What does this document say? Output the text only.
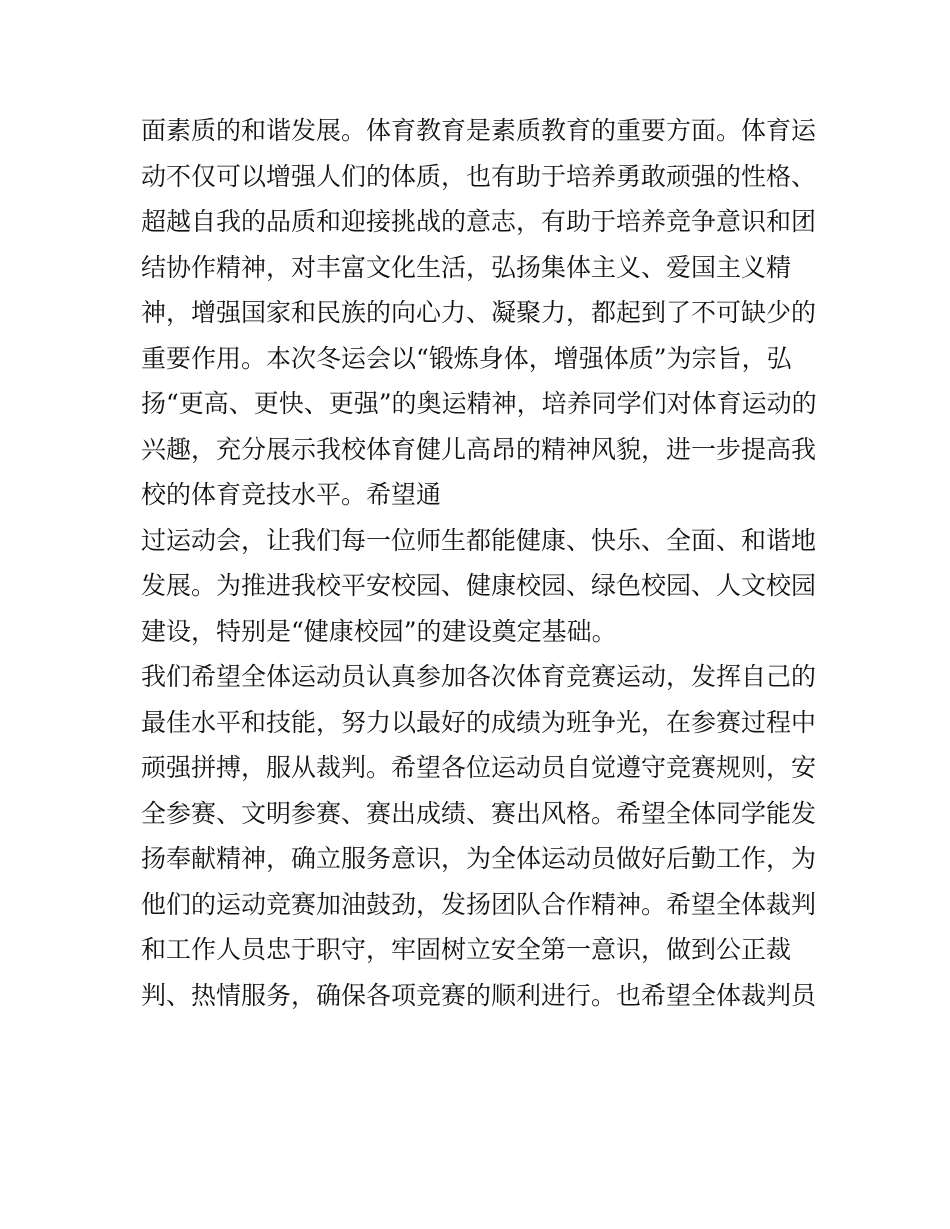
面素质的和谐发展。体育教育是素质教育的重要方面。体育运
动不仅可以增强人们的体质，也有助于培养勇敢顽强的性格、
超越自我的品质和迎接挑战的意志，有助于培养竞争意识和团
结协作精神，对丰富文化生活，弘扬集体主义、爱国主义精
神，增强国家和民族的向心力、凝聚力，都起到了不可缺少的
重要作用。本次冬运会以“锻炼身体，增强体质”为宗旨，弘
扬“更高、更快、更强”的奥运精神，培养同学们对体育运动的
兴趣，充分展示我校体育健儿高昂的精神风貌，进一步提高我
校的体育竞技水平。希望通
过运动会，让我们每一位师生都能健康、快乐、全面、和谐地
发展。为推进我校平安校园、健康校园、绿色校园、人文校园
建设，特别是“健康校园”的建设奠定基础。
我们希望全体运动员认真参加各次体育竞赛运动，发挥自己的
最佳水平和技能，努力以最好的成绩为班争光，在参赛过程中
顽强拼搏，服从裁判。希望各位运动员自觉遵守竞赛规则，安
全参赛、文明参赛、赛出成绩、赛出风格。希望全体同学能发
扬奉献精神，确立服务意识，为全体运动员做好后勤工作，为
他们的运动竞赛加油鼓劲，发扬团队合作精神。希望全体裁判
和工作人员忠于职守，牢固树立安全第一意识，做到公正裁
判、热情服务，确保各项竞赛的顺利进行。也希望全体裁判员
